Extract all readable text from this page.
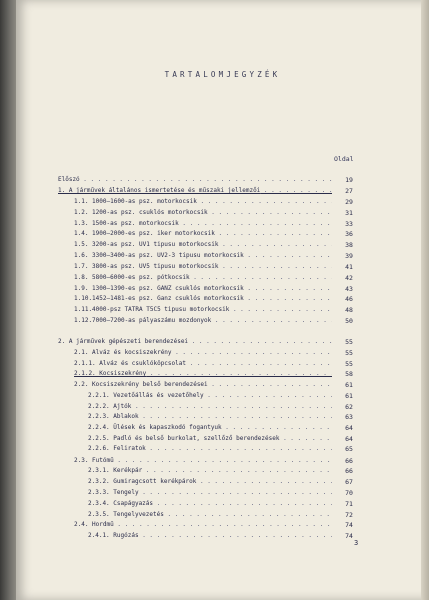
TARTALOMJEGYZÉK
Oldal
Előszó . . .	19
1. A járművek általános ismertetése és műszaki jellemzői . . .	27
1.1. 1000–1600-as psz. motorkocsik . . .	29
1.2. 1200-as psz. csuklós motorkocsik . . .	31
1.3. 1500-as psz. motorkocsik . . .	33
1.4. 1900–2000-es psz. iker motorkocsik . . .	36
1.5. 3200-as psz. UV1 tipusu motorkocsik . . .	38
1.6. 3300–3400-as psz. UV2-3 tipusu motorkocsik . . .	39
1.7. 3800-as psz. UV5 tipusu motorkocsik . . .	41
1.8. 5800–6000-es psz. pótkocsik . . .	42
1.9. 1300–1390-es psz. GANZ csuklós motorkocsik . . .	43
1.10.1452–1481-es psz. Ganz csuklós motorkocsik . . .	46
1.11.4000-psz TATRA T5C5 tipusu motorkocsik . . .	48
1.12.7000–7200-as pályaszámu mozdonyok . . .	50
2. A járművek gépészeti berendezései . . .	55
2.1. Alváz és kocsiszekrény . . .	55
2.1.1. Alváz és csuklóköpcsolat . . .	55
2.1.2. Kocsiszekrény . . .	58
2.2. Kocsiszekrény belső berendezései . . .	61
2.2.1. Vezetőállás és vezetőhely . . .	61
2.2.2. Ajtók . . .	62
2.2.3. Ablakok . . .	63
2.2.4. Ülések és kapaszkodó fogantyuk . . .	64
2.2.5. Padló és belső burkolat, szellőző berendezések . . .	64
2.2.6. Feliratok . . .	65
2.3. Futómű . . .	66
2.3.1. Kerékpár . . .	66
2.3.2. Gumiragcsott kerékpárok . . .	67
2.3.3. Tengely . . .	70
2.3.4. Csapágyazás . . .	71
2.3.5. Tengelyvezetés . . .	72
2.4. Hordmű . . .	74
2.4.1. Rugózás . . .	74
3
